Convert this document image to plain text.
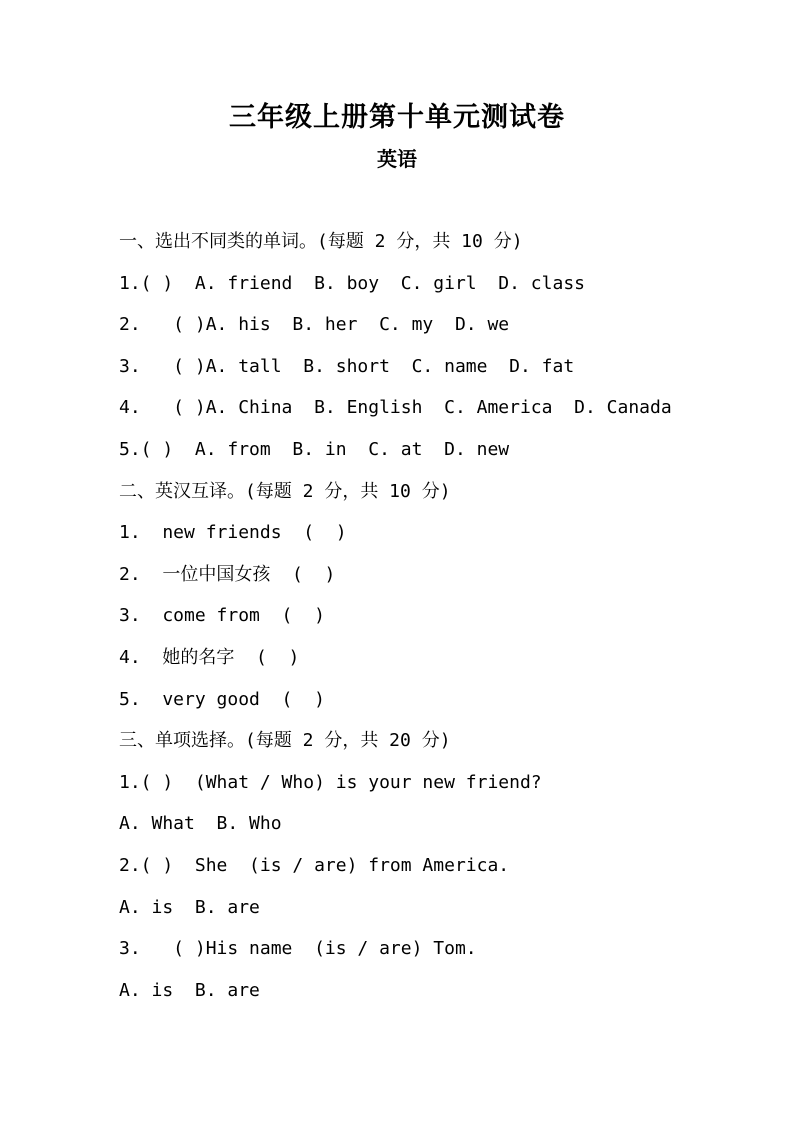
三年级上册第十单元测试卷
英语
一、选出不同类的单词。(每题 2 分，共 10 分)
1.( )  A. friend  B. boy  C. girl  D. class
2.   ( )A. his  B. her  C. my  D. we
3.   ( )A. tall  B. short  C. name  D. fat
4.   ( )A. China  B. English  C. America  D. Canada
5.( )  A. from  B. in  C. at  D. new
二、英汉互译。(每题 2 分，共 10 分)
1.  new friends  (  )
2.  一位中国女孩  (  )
3.  come from  (  )
4.  她的名字  (  )
5.  very good  (  )
三、单项选择。(每题 2 分，共 20 分)
1.( )  (What / Who) is your new friend?
A. What  B. Who
2.( )  She  (is / are) from America.
A. is  B. are
3.   ( )His name  (is / are) Tom.
A. is  B. are
